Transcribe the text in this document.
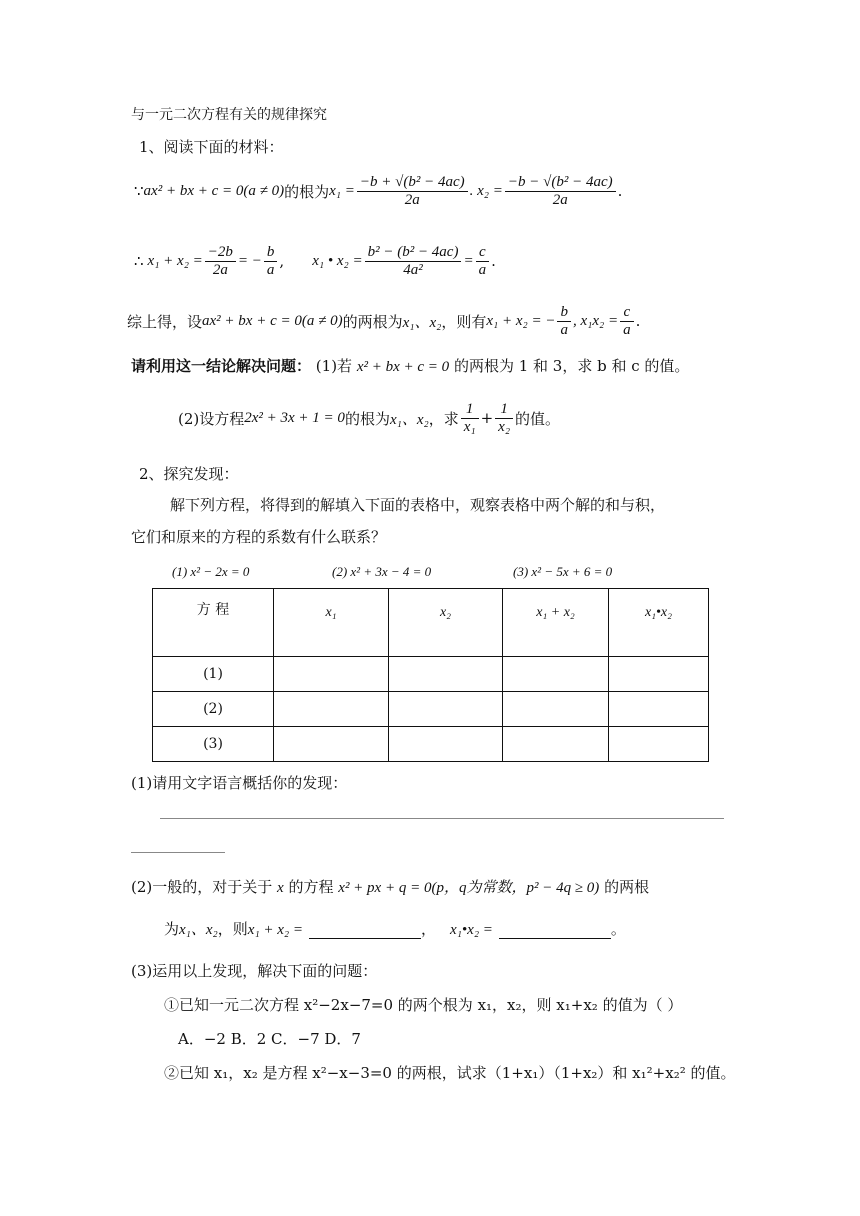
与一元二次方程有关的规律探究
1、阅读下面的材料：
∵ ax² + bx + c = 0(a ≠ 0) 的根为 $x_1 = \frac{\text{−b + √(b² − 4ac)}}{2a}$ . $x_2 = \frac{\text{−b − √(b² − 4ac)}}{2a}$ .
∴ $x_1 + x_2 = \frac{-2b}{2a}$ = − $\frac{b}{a}$ , x₁ • $x_2 = \frac{\text{b² − (b² − 4ac)}}{\text{4a²}} = \frac{c}{a}$ .
综上得，设 ax² + bx + c = 0(a ≠ 0) 的两根为 x₁、x₂ ，则有 x₁ + x₂ = − $\frac{b}{a}$ , $x_1x_2 = \frac{c}{a}$ .
请利用这一结论解决问题： (1)若 x² + bx + c = 0 的两根为 1 和 3，求 b 和 c 的值。
(2)设方程 2x² + 3x + 1 = 0 的根为 x₁、x₂ ，求 $\frac{1}{\text{x₁}} + \frac{1}{\text{x₂}}$ 的值。
2、探究发现：
解下列方程，将得到的解填入下面的表格中，观察表格中两个解的和与积，
它们和原来的方程的系数有什么联系？
(1) x² − 2x = 0	(2) x² + 3x − 4 = 0	(3) x² − 5x + 6 = 0
方 程	x₁	x₂	x₁ + x₂	x₁•x₂
(1)				
(2)				
(3)				
(1)请用文字语言概括你的发现：
(2)一般的，对于关于 x 的方程 x² + px + q = 0(p，q为常数，p² − 4q ≥ 0) 的两根
为 x₁、x₂ ，则 x₁ + x₂ =	， x₁•x₂ =	。
(3)运用以上发现，解决下面的问题：
①已知一元二次方程 x²−2x−7=0 的两个根为 x₁，x₂，则 x₁+x₂ 的值为（ ）
A．−2 B．2 C．−7 D．7
②已知 x₁，x₂ 是方程 x²−x−3=0 的两根，试求（1+x₁）（1+x₂）和 x₁²+x₂² 的值。
